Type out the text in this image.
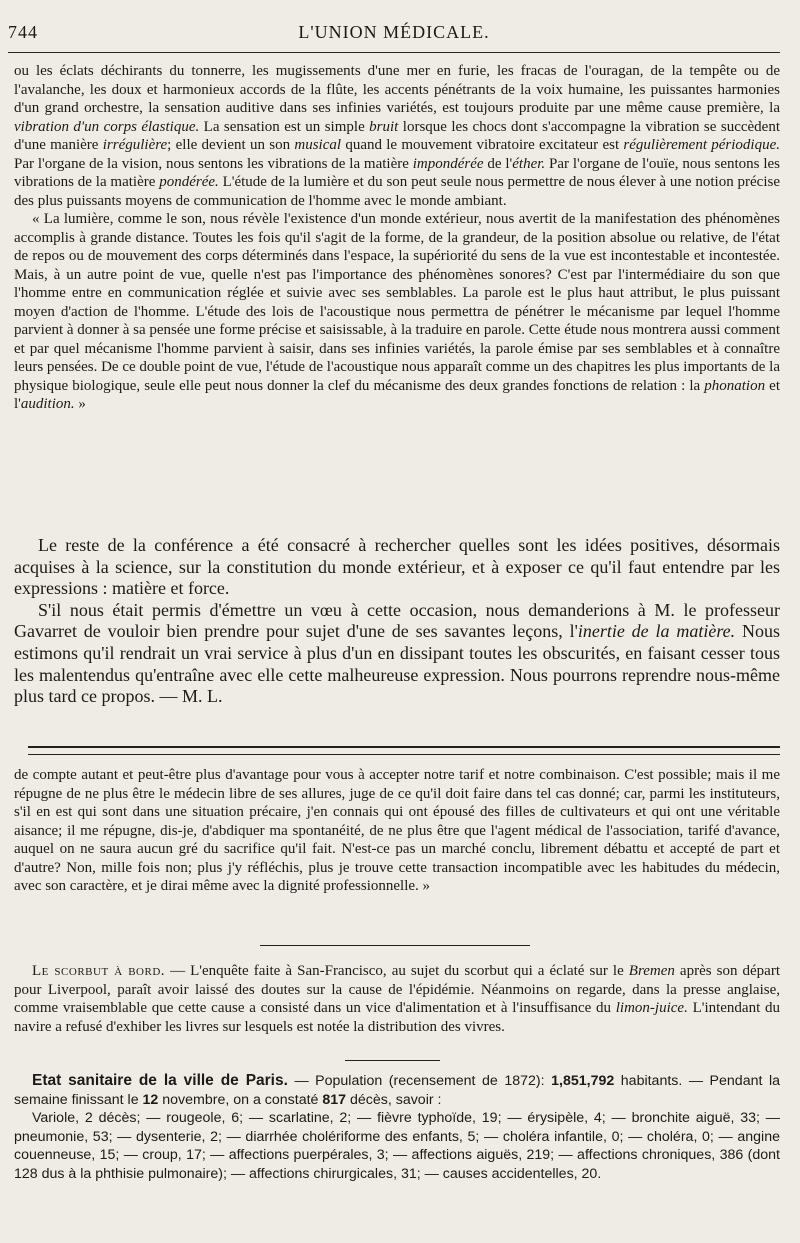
744	L'UNION MÉDICALE.

ou les éclats déchirants du tonnerre, les mugissements d'une mer en furie, les fracas de l'ouragan, de la tempête ou de l'avalanche, les doux et harmonieux accords de la flûte, les accents pénétrants de la voix humaine, les puissantes harmonies d'un grand orchestre, la sensation auditive dans ses infinies variétés, est toujours produite par une même cause première, la vibration d'un corps élastique. La sensation est un simple bruit lorsque les chocs dont s'accompagne la vibration se succèdent d'une manière irrégulière; elle devient un son musical quand le mouvement vibratoire excitateur est régulièrement périodique. Par l'organe de la vision, nous sentons les vibrations de la matière impondérée de l'éther. Par l'organe de l'ouïe, nous sentons les vibrations de la matière pondérée. L'étude de la lumière et du son peut seule nous permettre de nous élever à une notion précise des plus puissants moyens de communication de l'homme avec le monde ambiant.

« La lumière, comme le son, nous révèle l'existence d'un monde extérieur, nous avertit de la manifestation des phénomènes accomplis à grande distance. Toutes les fois qu'il s'agit de la forme, de la grandeur, de la position absolue ou relative, de l'état de repos ou de mouvement des corps déterminés dans l'espace, la supériorité du sens de la vue est incontestable et incontestée. Mais, à un autre point de vue, quelle n'est pas l'importance des phénomènes sonores? C'est par l'intermédiaire du son que l'homme entre en communication réglée et suivie avec ses semblables. La parole est le plus haut attribut, le plus puissant moyen d'action de l'homme. L'étude des lois de l'acoustique nous permettra de pénétrer le mécanisme par lequel l'homme parvient à donner à sa pensée une forme précise et saisissable, à la traduire en parole. Cette étude nous montrera aussi comment et par quel mécanisme l'homme parvient à saisir, dans ses infinies variétés, la parole émise par ses semblables et à connaître leurs pensées. De ce double point de vue, l'étude de l'acoustique nous apparaît comme un des chapitres les plus importants de la physique biologique, seule elle peut nous donner la clef du mécanisme des deux grandes fonctions de relation : la phonation et l'audition. »

Le reste de la conférence a été consacré à rechercher quelles sont les idées positives, désormais acquises à la science, sur la constitution du monde extérieur, et à exposer ce qu'il faut entendre par les expressions : matière et force.

S'il nous était permis d'émettre un vœu à cette occasion, nous demanderions à M. le professeur Gavarret de vouloir bien prendre pour sujet d'une de ses savantes leçons, l'inertie de la matière. Nous estimons qu'il rendrait un vrai service à plus d'un en dissipant toutes les obscurités, en faisant cesser tous les malentendus qu'entraîne avec elle cette malheureuse expression. Nous pourrons reprendre nous-même plus tard ce propos. — M. L.

de compte autant et peut-être plus d'avantage pour vous à accepter notre tarif et notre combinaison. C'est possible; mais il me répugne de ne plus être le médecin libre de ses allures, juge de ce qu'il doit faire dans tel cas donné; car, parmi les instituteurs, s'il en est qui sont dans une situation précaire, j'en connais qui ont épousé des filles de cultivateurs et qui ont une véritable aisance; il me répugne, dis-je, d'abdiquer ma spontanéité, de ne plus être que l'agent médical de l'association, tarifé d'avance, auquel on ne saura aucun gré du sacrifice qu'il fait. N'est-ce pas un marché conclu, librement débattu et accepté de part et d'autre? Non, mille fois non; plus j'y réfléchis, plus je trouve cette transaction incompatible avec les habitudes du médecin, avec son caractère, et je dirai même avec la dignité professionnelle. »

Le scorbut à bord. — L'enquête faite à San-Francisco, au sujet du scorbut qui a éclaté sur le Bremen après son départ pour Liverpool, paraît avoir laissé des doutes sur la cause de l'épidémie. Néanmoins on regarde, dans la presse anglaise, comme vraisemblable que cette cause a consisté dans un vice d'alimentation et à l'insuffisance du limon-juice. L'intendant du navire a refusé d'exhiber les livres sur lesquels est notée la distribution des vivres.

Etat sanitaire de la ville de Paris. — Population (recensement de 1872): 1,851,792 habitants. — Pendant la semaine finissant le 12 novembre, on a constaté 817 décès, savoir :

Variole, 2 décès; — rougeole, 6; — scarlatine, 2; — fièvre typhoïde, 19; — érysipèle, 4; — bronchite aiguë, 33; — pneumonie, 53; — dysenterie, 2; — diarrhée cholériforme des enfants, 5; — choléra infantile, 0; — choléra, 0; — angine couenneuse, 15; — croup, 17; — affections puerpérales, 3; — affections aiguës, 219; — affections chroniques, 386 (dont 128 dus à la phthisie pulmonaire); — affections chirurgicales, 31; — causes accidentelles, 20.
